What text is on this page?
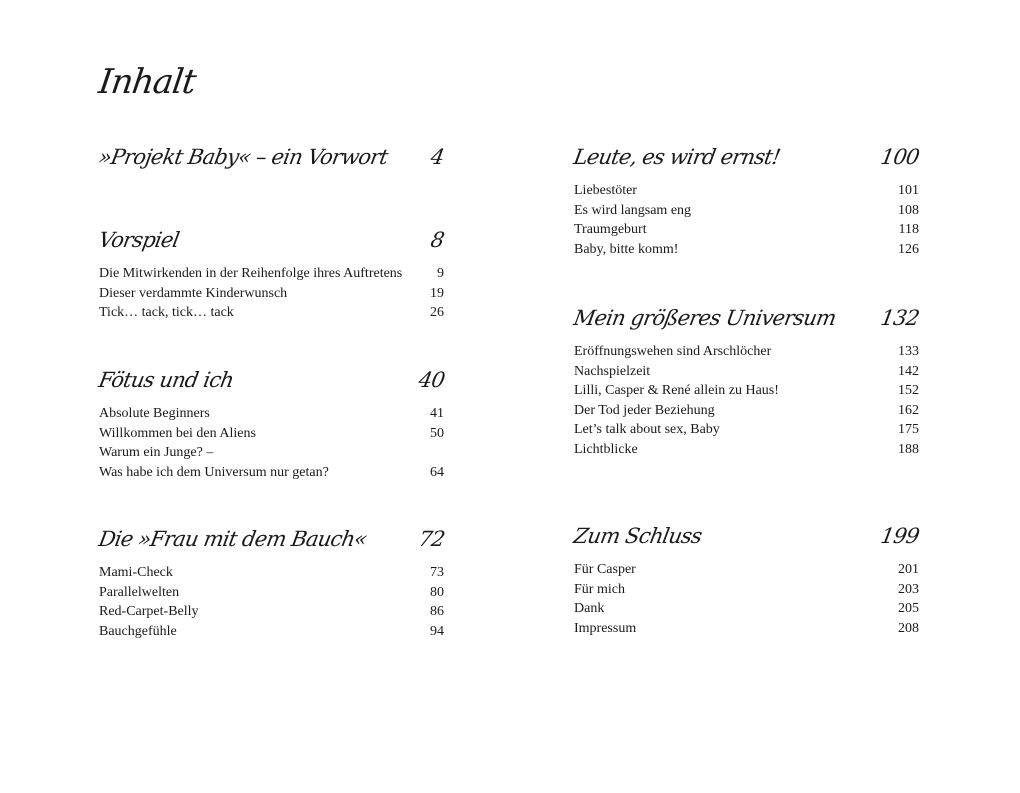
Inhalt
»Projekt Baby« – ein Vorwort 4
Vorspiel	8
Die Mitwirkenden in der Reihenfolge ihres Auftretens	9
Dieser verdammte Kinderwunsch	19
Tick… tack, tick… tack	26
Fötus und ich	40
Absolute Beginners	41
Willkommen bei den Aliens	50
Warum ein Junge? –
Was habe ich dem Universum nur getan?	64
Die »Frau mit dem Bauch« 72
Mami-Check	73
Parallelwelten	80
Red-Carpet-Belly	86
Bauchgefühle	94
Leute, es wird ernst!	100
Liebestöter	101
Es wird langsam eng	108
Traumgeburt	118
Baby, bitte komm!	126
Mein größeres Universum 132
Eröffnungswehen sind Arschlöcher	133
Nachspielzeit	142
Lilli, Casper & René allein zu Haus!	152
Der Tod jeder Beziehung	162
Let’s talk about sex, Baby	175
Lichtblicke	188
Zum Schluss	199
Für Casper	201
Für mich	203
Dank	205
Impressum	208
